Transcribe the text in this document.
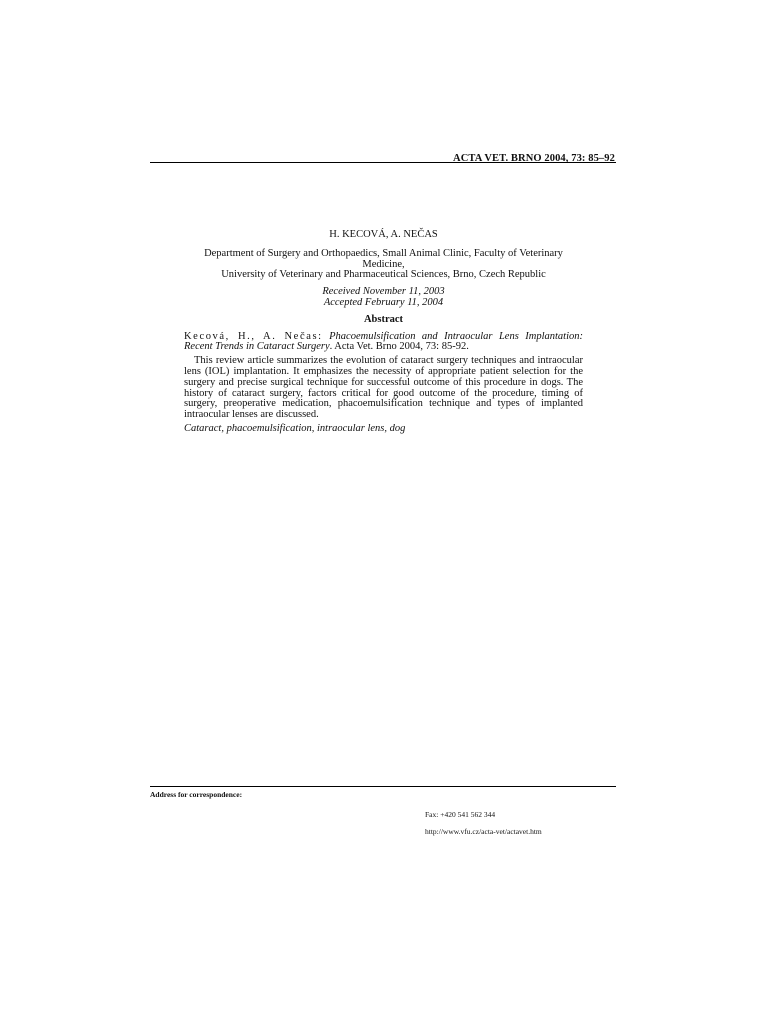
ACTA VET. BRNO 2004, 73: 85–92

H. KECOVÁ, A. NEČAS

Department of Surgery and Orthopaedics, Small Animal Clinic, Faculty of Veterinary Medicine,
University of Veterinary and Pharmaceutical Sciences, Brno, Czech Republic

Received November 11, 2003
Accepted February 11, 2004

Abstract

Kecová, H., A. Nečas: Phacoemulsification and Intraocular Lens Implantation: Recent Trends in Cataract Surgery. Acta Vet. Brno 2004, 73: 85-92.

This review article summarizes the evolution of cataract surgery techniques and intraocular lens (IOL) implantation. It emphasizes the necessity of appropriate patient selection for the surgery and precise surgical technique for successful outcome of this procedure in dogs. The history of cataract surgery, factors critical for good outcome of the procedure, timing of surgery, preoperative medication, phacoemulsification technique and types of implanted intraocular lenses are discussed.

Cataract, phacoemulsification, intraocular lens, dog

Address for correspondence:
Fax: +420 541 562 344
http://www.vfu.cz/acta-vet/actavet.htm
